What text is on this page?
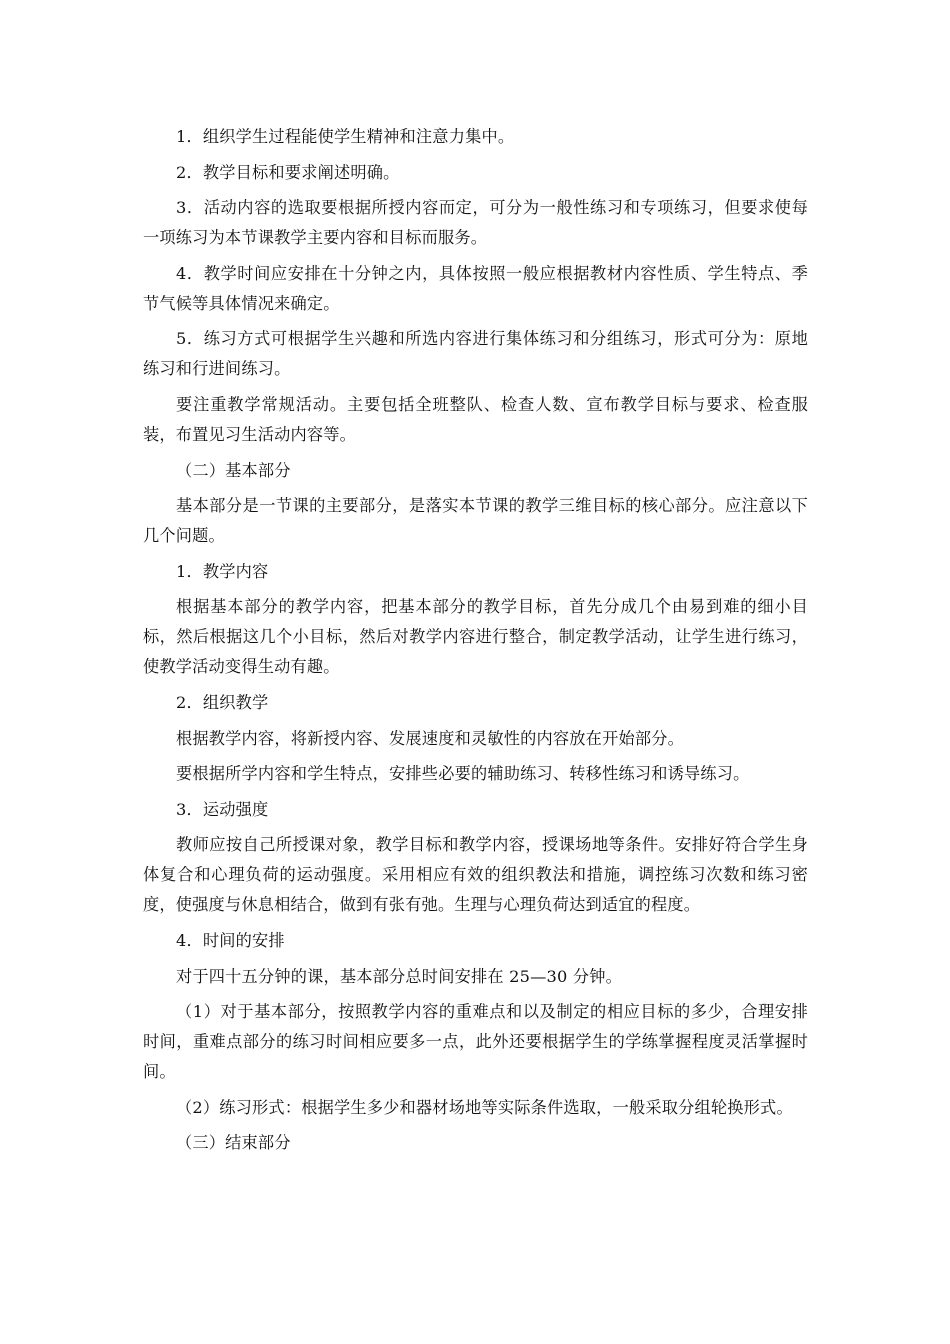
1．组织学生过程能使学生精神和注意力集中。

2．教学目标和要求阐述明确。

3．活动内容的选取要根据所授内容而定，可分为一般性练习和专项练习，但要求使每一项练习为本节课教学主要内容和目标而服务。

4．教学时间应安排在十分钟之内，具体按照一般应根据教材内容性质、学生特点、季节气候等具体情况来确定。

5．练习方式可根据学生兴趣和所选内容进行集体练习和分组练习，形式可分为：原地练习和行进间练习。

要注重教学常规活动。主要包括全班整队、检查人数、宣布教学目标与要求、检查服装，布置见习生活动内容等。

（二）基本部分

基本部分是一节课的主要部分，是落实本节课的教学三维目标的核心部分。应注意以下几个问题。

1．教学内容

根据基本部分的教学内容，把基本部分的教学目标，首先分成几个由易到难的细小目标，然后根据这几个小目标，然后对教学内容进行整合，制定教学活动，让学生进行练习，使教学活动变得生动有趣。

2．组织教学

根据教学内容，将新授内容、发展速度和灵敏性的内容放在开始部分。

要根据所学内容和学生特点，安排些必要的辅助练习、转移性练习和诱导练习。

3．运动强度

教师应按自己所授课对象，教学目标和教学内容，授课场地等条件。安排好符合学生身体复合和心理负荷的运动强度。采用相应有效的组织教法和措施，调控练习次数和练习密度，使强度与休息相结合，做到有张有弛。生理与心理负荷达到适宜的程度。

4．时间的安排

对于四十五分钟的课，基本部分总时间安排在 25—30 分钟。

（1）对于基本部分，按照教学内容的重难点和以及制定的相应目标的多少，合理安排时间，重难点部分的练习时间相应要多一点，此外还要根据学生的学练掌握程度灵活掌握时间。

（2）练习形式：根据学生多少和器材场地等实际条件选取，一般采取分组轮换形式。

（三）结束部分
